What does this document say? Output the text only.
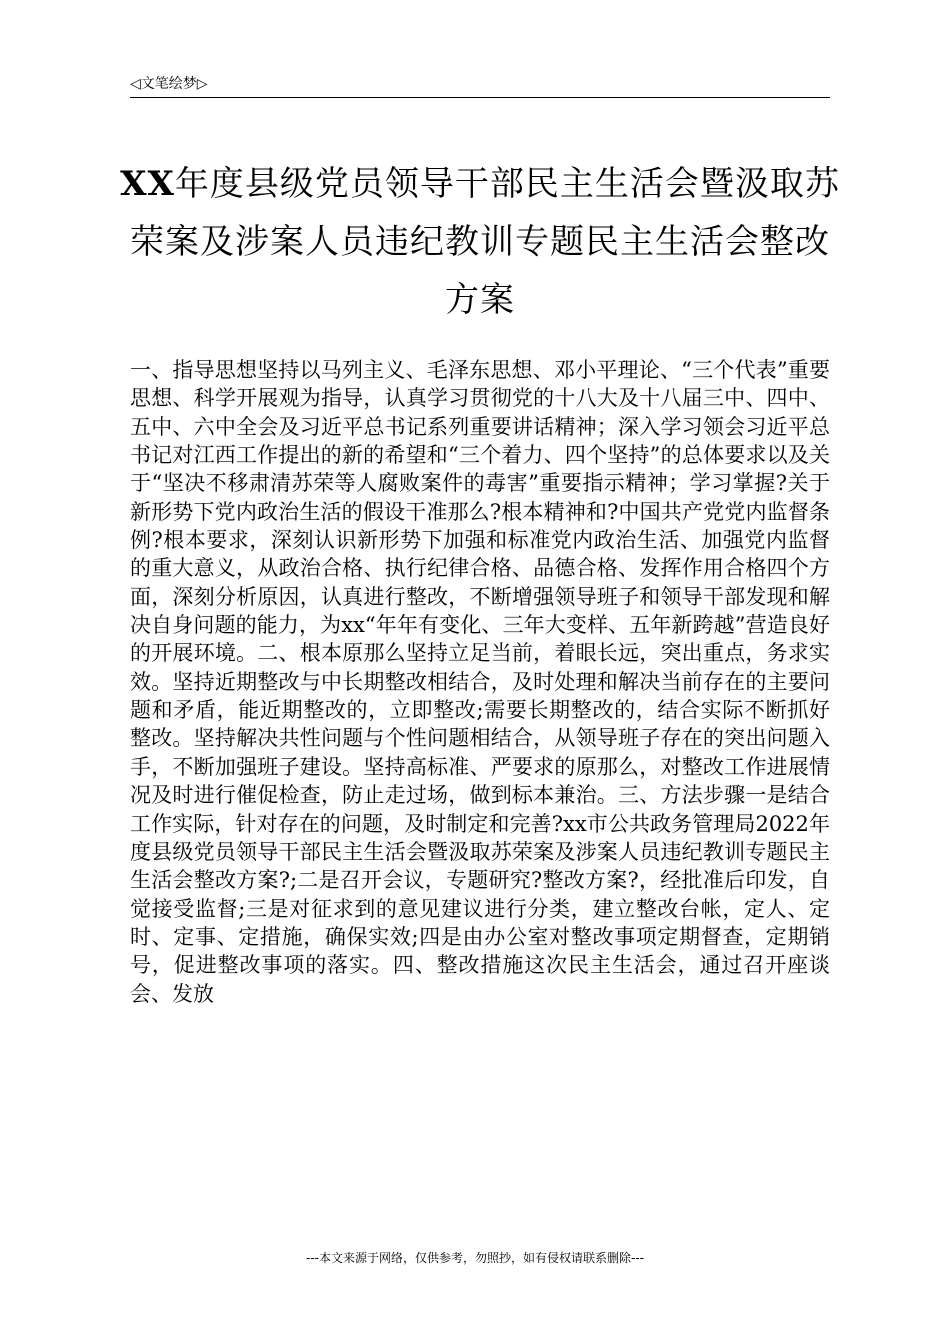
◁文笔绘梦▷
XX年度县级党员领导干部民主生活会暨汲取苏荣案及涉案人员违纪教训专题民主生活会整改方案

一、指导思想坚持以马列主义、毛泽东思想、邓小平理论、“三个代表”重要思想、科学开展观为指导，认真学习贯彻党的十八大及十八届三中、四中、五中、六中全会及习近平总书记系列重要讲话精神；深入学习领会习近平总书记对江西工作提出的新的希望和“三个着力、四个坚持”的总体要求以及关于“坚决不移肃清苏荣等人腐败案件的毒害”重要指示精神；学习掌握?关于新形势下党内政治生活的假设干准那么?根本精神和?中国共产党党内监督条例?根本要求，深刻认识新形势下加强和标准党内政治生活、加强党内监督的重大意义，从政治合格、执行纪律合格、品德合格、发挥作用合格四个方面，深刻分析原因，认真进行整改，不断增强领导班子和领导干部发现和解决自身问题的能力，为xx“年年有变化、三年大变样、五年新跨越”营造良好的开展环境。二、根本原那么坚持立足当前，着眼长远，突出重点，务求实效。坚持近期整改与中长期整改相结合，及时处理和解决当前存在的主要问题和矛盾，能近期整改的，立即整改;需要长期整改的，结合实际不断抓好整改。坚持解决共性问题与个性问题相结合，从领导班子存在的突出问题入手，不断加强班子建设。坚持高标准、严要求的原那么，对整改工作进展情况及时进行催促检查，防止走过场，做到标本兼治。三、方法步骤一是结合工作实际，针对存在的问题，及时制定和完善?xx市公共政务管理局2022年度县级党员领导干部民主生活会暨汲取苏荣案及涉案人员违纪教训专题民主生活会整改方案?;二是召开会议，专题研究?整改方案?，经批准后印发，自觉接受监督;三是对征求到的意见建议进行分类，建立整改台帐，定人、定时、定事、定措施，确保实效;四是由办公室对整改事项定期督查，定期销号，促进整改事项的落实。四、整改措施这次民主生活会，通过召开座谈会、发放

---本文来源于网络，仅供参考，勿照抄，如有侵权请联系删除---
